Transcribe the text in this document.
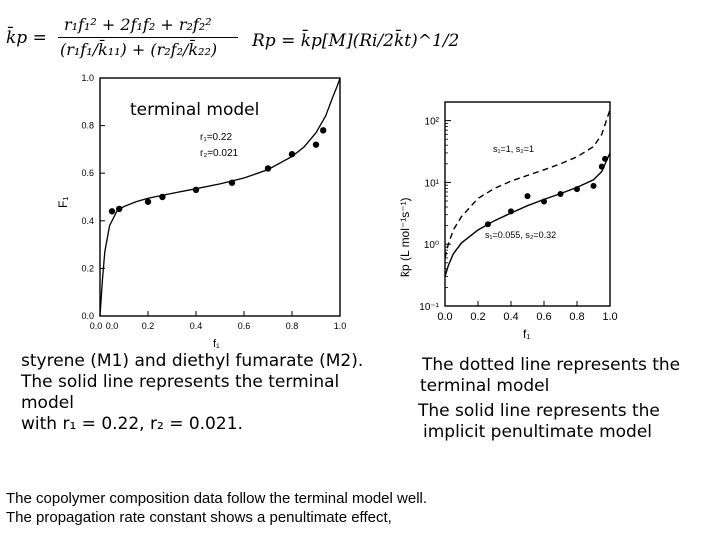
k̄p =
r₁f₁² + 2f₁f₂ + r₂f₂²
(r₁f₁/k̄₁₁) + (r₂f₂/k̄₂₂) Rp = k̄p[M](Ri/2k̄t)^1/2
0.0
0.2
0.4
0.6
0.8
1.0
0.0 0.0	0.2	0.4	0.6	0.8	1.0
terminal model
r₁=0.22
r₂=0.021
F₁
f₁
10⁻¹
10⁰
10¹
10²
0.0 0.2 0.4 0.6 0.8 1.0
s₁=1, s₂=1
s₁=0.055, s₂=0.32
k̄p (L mol⁻¹s⁻¹)
f₁
styrene (M1) and diethyl fumarate (M2).
The solid line represents the terminal
model
with r₁ = 0.22, r₂ = 0.021.
The dotted line represents the
terminal model
The solid line represents the
implicit penultimate model
The copolymer composition data follow the terminal model well.
The propagation rate constant shows a penultimate effect,
